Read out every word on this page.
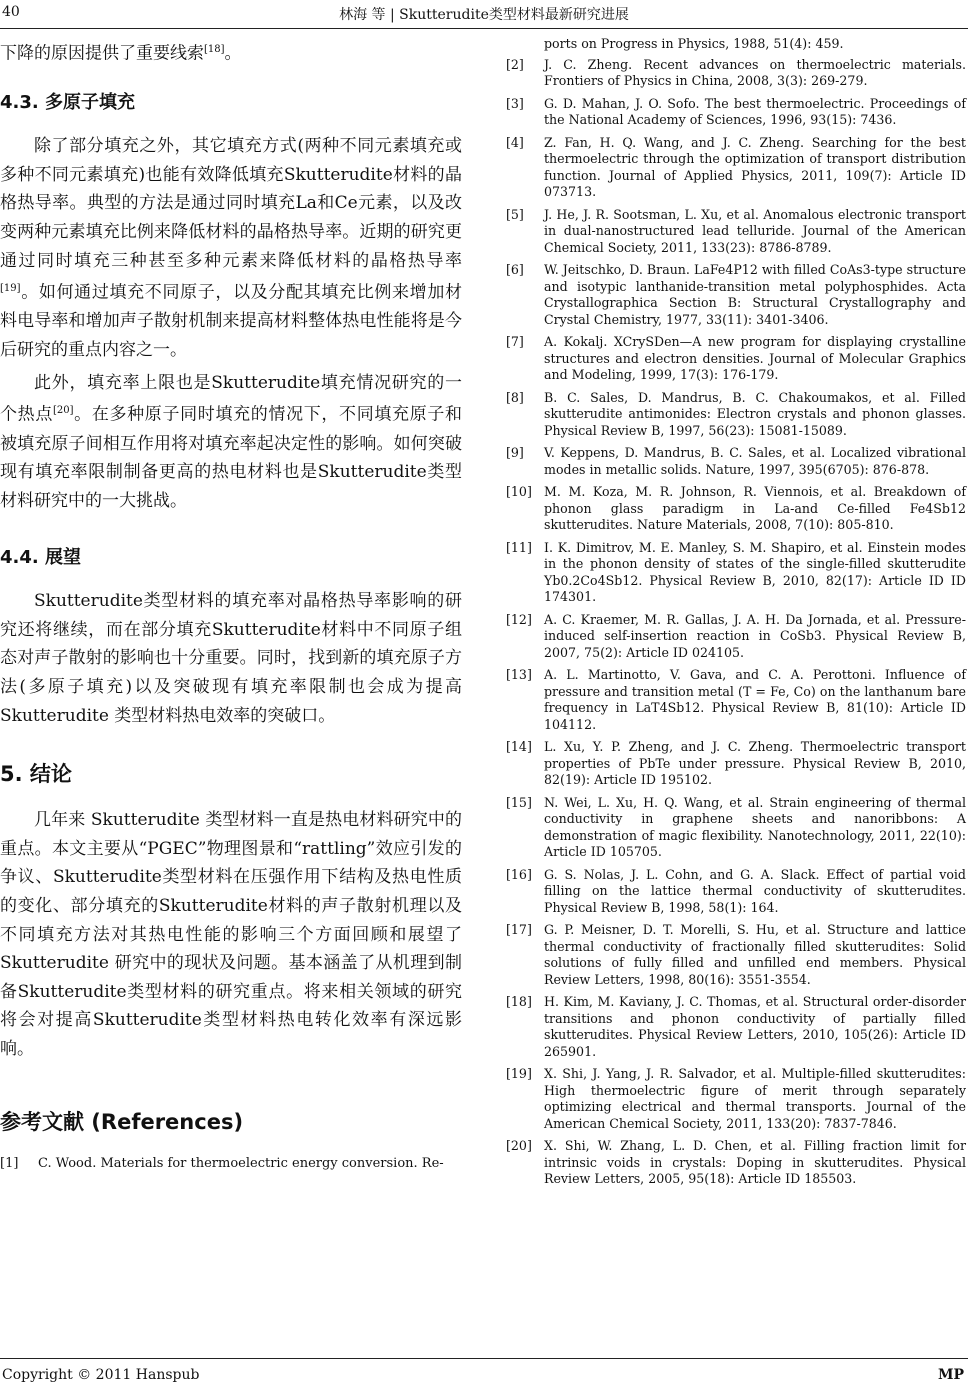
40	林海 等 | Skutterudite类型材料最新研究进展

下降的原因提供了重要线索[18]。

4.3. 多原子填充

除了部分填充之外，其它填充方式(两种不同元素填充或多种不同元素填充)也能有效降低填充Skutterudite材料的晶格热导率。典型的方法是通过同时填充La和Ce元素，以及改变两种元素填充比例来降低材料的晶格热导率。近期的研究更通过同时填充三种甚至多种元素来降低材料的晶格热导率[19]。如何通过填充不同原子，以及分配其填充比例来增加材料电导率和增加声子散射机制来提高材料整体热电性能将是今后研究的重点内容之一。

此外，填充率上限也是Skutterudite填充情况研究的一个热点[20]。在多种原子同时填充的情况下，不同填充原子和被填充原子间相互作用将对填充率起决定性的影响。如何突破现有填充率限制制备更高的热电材料也是Skutterudite类型材料研究中的一大挑战。

4.4. 展望

Skutterudite类型材料的填充率对晶格热导率影响的研究还将继续，而在部分填充Skutterudite材料中不同原子组态对声子散射的影响也十分重要。同时，找到新的填充原子方法(多原子填充)以及突破现有填充率限制也会成为提高 Skutterudite 类型材料热电效率的突破口。

5. 结论

几年来 Skutterudite 类型材料一直是热电材料研究中的重点。本文主要从“PGEC”物理图景和“rattling”效应引发的争议、Skutterudite类型材料在压强作用下结构及热电性质的变化、部分填充的Skutterudite材料的声子散射机理以及不同填充方法对其热电性能的影响三个方面回顾和展望了 Skutterudite 研究中的现状及问题。基本涵盖了从机理到制备Skutterudite类型材料的研究重点。将来相关领域的研究将会对提高Skutterudite类型材料热电转化效率有深远影响。

参考文献 (References)

[1] C. Wood. Materials for thermoelectric energy conversion. Re-

ports on Progress in Physics, 1988, 51(4): 459.

[2] J. C. Zheng. Recent advances on thermoelectric materials. Frontiers of Physics in China, 2008, 3(3): 269-279.

[3] G. D. Mahan, J. O. Sofo. The best thermoelectric. Proceedings of the National Academy of Sciences, 1996, 93(15): 7436.

[4] Z. Fan, H. Q. Wang, and J. C. Zheng. Searching for the best thermoelectric through the optimization of transport distribution function. Journal of Applied Physics, 2011, 109(7): Article ID 073713.

[5] J. He, J. R. Sootsman, L. Xu, et al. Anomalous electronic transport in dual-nanostructured lead telluride. Journal of the American Chemical Society, 2011, 133(23): 8786-8789.

[6] W. Jeitschko, D. Braun. LaFe4P12 with filled CoAs3-type structure and isotypic lanthanide-transition metal polyphosphides. Acta Crystallographica Section B: Structural Crystallography and Crystal Chemistry, 1977, 33(11): 3401-3406.

[7] A. Kokalj. XCrySDen—A new program for displaying crystalline structures and electron densities. Journal of Molecular Graphics and Modeling, 1999, 17(3): 176-179.

[8] B. C. Sales, D. Mandrus, B. C. Chakoumakos, et al. Filled skutterudite antimonides: Electron crystals and phonon glasses. Physical Review B, 1997, 56(23): 15081-15089.

[9] V. Keppens, D. Mandrus, B. C. Sales, et al. Localized vibrational modes in metallic solids. Nature, 1997, 395(6705): 876-878.

[10] M. M. Koza, M. R. Johnson, R. Viennois, et al. Breakdown of phonon glass paradigm in La-and Ce-filled Fe4Sb12 skutterudites. Nature Materials, 2008, 7(10): 805-810.

[11] I. K. Dimitrov, M. E. Manley, S. M. Shapiro, et al. Einstein modes in the phonon density of states of the single-filled skutterudite Yb0.2Co4Sb12. Physical Review B, 2010, 82(17): Article ID ID 174301.

[12] A. C. Kraemer, M. R. Gallas, J. A. H. Da Jornada, et al. Pressure-induced self-insertion reaction in CoSb3. Physical Review B, 2007, 75(2): Article ID 024105.

[13] A. L. Martinotto, V. Gava, and C. A. Perottoni. Influence of pressure and transition metal (T = Fe, Co) on the lanthanum bare frequency in LaT4Sb12. Physical Review B, 81(10): Article ID 104112.

[14] L. Xu, Y. P. Zheng, and J. C. Zheng. Thermoelectric transport properties of PbTe under pressure. Physical Review B, 2010, 82(19): Article ID 195102.

[15] N. Wei, L. Xu, H. Q. Wang, et al. Strain engineering of thermal conductivity in graphene sheets and nanoribbons: A demonstration of magic flexibility. Nanotechnology, 2011, 22(10): Article ID 105705.

[16] G. S. Nolas, J. L. Cohn, and G. A. Slack. Effect of partial void filling on the lattice thermal conductivity of skutterudites. Physical Review B, 1998, 58(1): 164.

[17] G. P. Meisner, D. T. Morelli, S. Hu, et al. Structure and lattice thermal conductivity of fractionally filled skutterudites: Solid solutions of fully filled and unfilled end members. Physical Review Letters, 1998, 80(16): 3551-3554.

[18] H. Kim, M. Kaviany, J. C. Thomas, et al. Structural order-disorder transitions and phonon conductivity of partially filled skutterudites. Physical Review Letters, 2010, 105(26): Article ID 265901.

[19] X. Shi, J. Yang, J. R. Salvador, et al. Multiple-filled skutterudites: High thermoelectric figure of merit through separately optimizing electrical and thermal transports. Journal of the American Chemical Society, 2011, 133(20): 7837-7846.

[20] X. Shi, W. Zhang, L. D. Chen, et al. Filling fraction limit for intrinsic voids in crystals: Doping in skutterudites. Physical Review Letters, 2005, 95(18): Article ID 185503.

Copyright © 2011 Hanspub	MP
